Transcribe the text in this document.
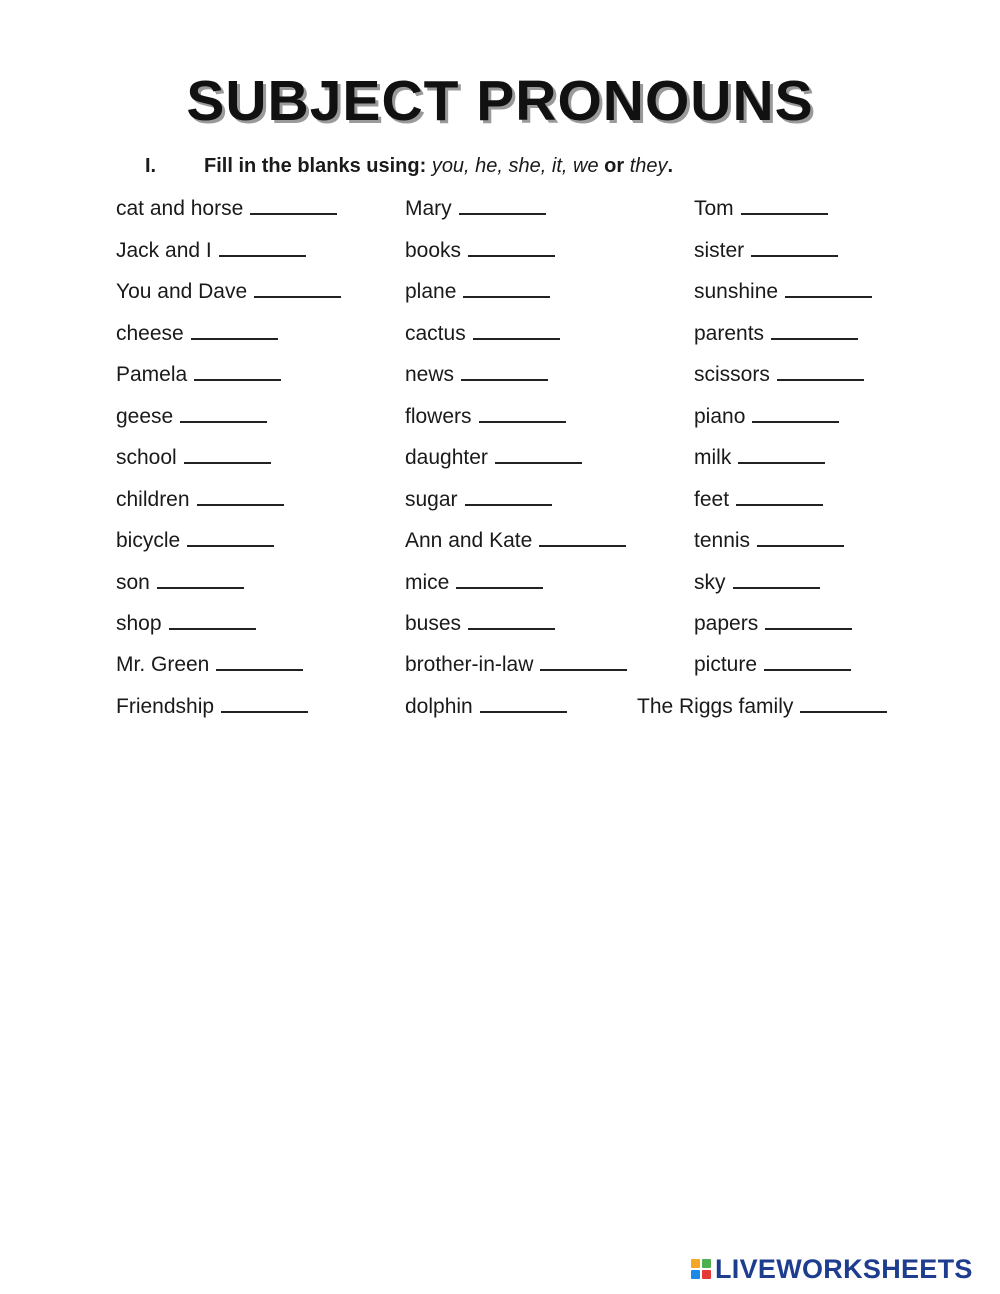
SUBJECT PRONOUNS
I. Fill in the blanks using: you, he, she, it, we or they.
cat and horse	Mary	Tom
Jack and I	books	sister
You and Dave	plane	sunshine
cheese	cactus	parents
Pamela	news	scissors
geese	flowers	piano
school	daughter	milk
children	sugar	feet
bicycle	Ann and Kate	tennis
son	mice	sky
shop	buses	papers
Mr. Green	brother-in-law	picture
Friendship	dolphin	The Riggs family
LIVEWORKSHEETS
